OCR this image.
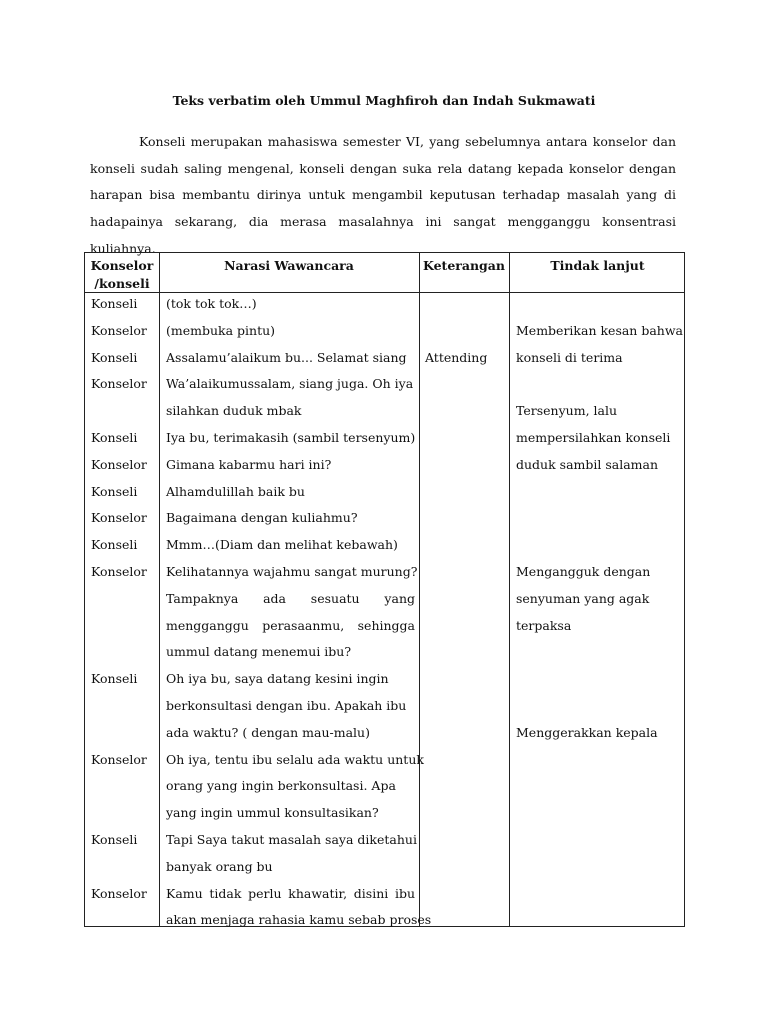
Teks verbatim oleh Ummul Maghfiroh dan Indah Sukmawati

Konseli merupakan mahasiswa semester VI, yang sebelumnya antara konselor dan konseli sudah saling mengenal, konseli dengan suka rela datang kepada konselor dengan harapan bisa membantu dirinya untuk mengambil keputusan terhadap masalah yang di hadapainya sekarang, dia merasa masalahnya ini sangat mengganggu konsentrasi kuliahnya.

Konselor
/konseli
Narasi Wawancara	Keterangan	Tindak lanjut
Konseli
Konselor
Konseli
Konselor
Konseli
Konselor
Konseli
Konselor
Konseli
Konselor
Konseli
Konselor
Konseli
Konselor
(tok tok tok…)
(membuka pintu)
Assalamu’alaikum bu... Selamat siang
Wa’alaikumussalam, siang juga. Oh iya
silahkan duduk mbak
Iya bu, terimakasih (sambil tersenyum)
Gimana kabarmu hari ini?
Alhamdulillah baik bu
Bagaimana dengan kuliahmu?
Mmm…(Diam dan melihat kebawah)
Kelihatannya wajahmu sangat murung?
Tampaknya ada sesuatu yang
mengganggu perasaanmu, sehingga
ummul datang menemui ibu?
Oh iya bu, saya datang kesini ingin
berkonsultasi dengan ibu. Apakah ibu
ada waktu? ( dengan mau-malu)
Oh iya, tentu ibu selalu ada waktu untuk
orang yang ingin berkonsultasi. Apa
yang ingin ummul konsultasikan?
Tapi Saya takut masalah saya diketahui
banyak orang bu
Kamu tidak perlu khawatir, disini ibu
akan menjaga rahasia kamu sebab proses
Attending
Memberikan kesan bahwa
konseli di terima
Tersenyum, lalu
mempersilahkan konseli
duduk sambil salaman
Mengangguk dengan
senyuman yang agak
terpaksa
Menggerakkan kepala
